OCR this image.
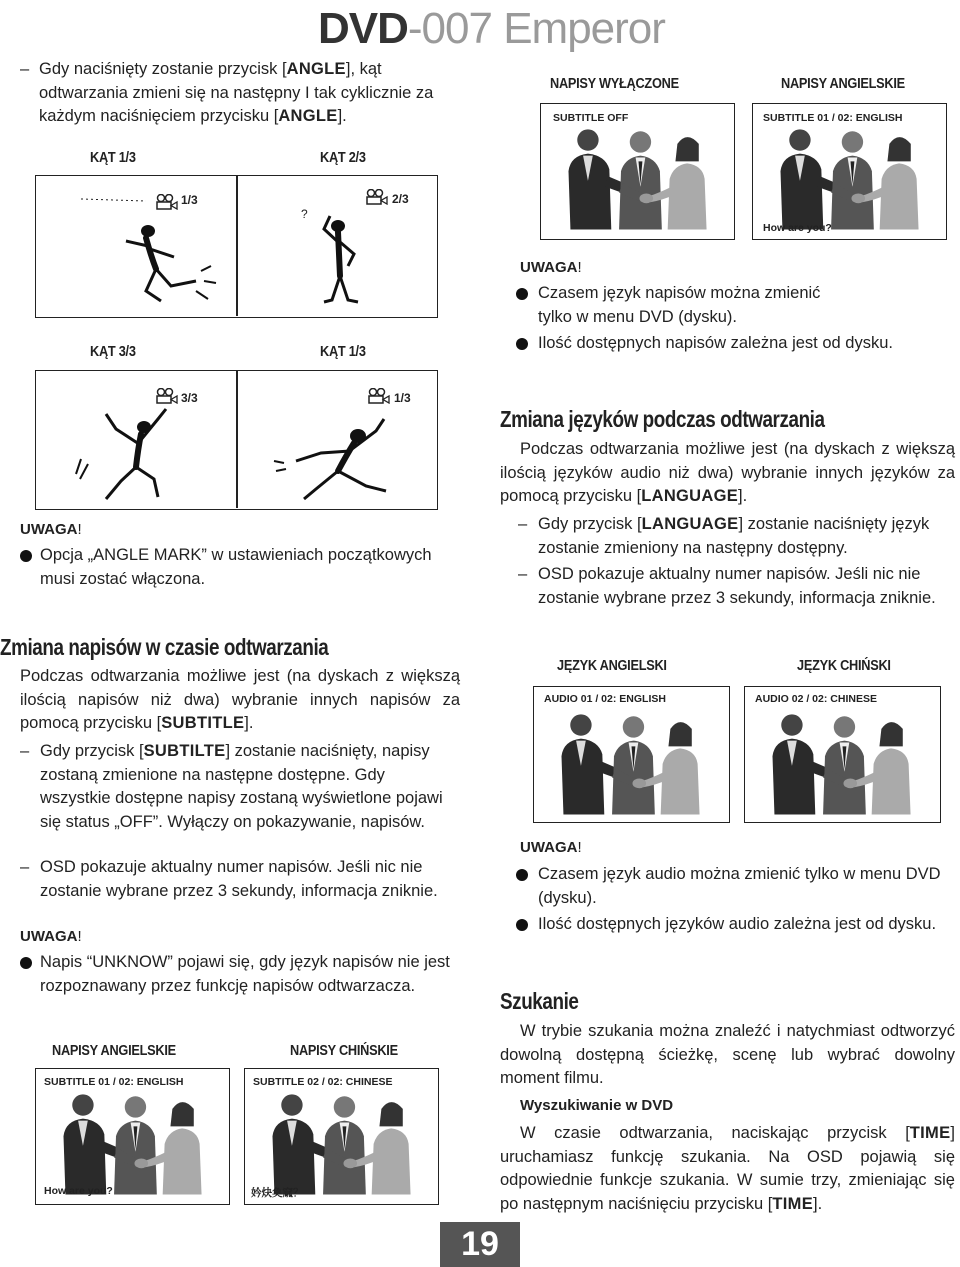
DVD-007 Emperor
– Gdy naciśnięty zostanie przycisk [ANGLE], kąt odtwarzania zmieni się na następny I tak cyklicznie za każdym naciśnięciem przycisku [ANGLE].
KĄT 1/3	KĄT 2/3
KĄT 3/3	KĄT 1/3
1/3	2/3
?
3/3	1/3
UWAGA!
Opcja „ANGLE MARK” w ustawieniach początkowych musi zostać włączona.
Zmiana napisów w czasie odtwarzania
Podczas odtwarzania możliwe jest (na dyskach z większą ilością napisów niż dwa) wybranie innych napisów za pomocą przycisku [SUBTITLE].
– Gdy przycisk [SUBTILTE] zostanie naciśnięty, napisy zostaną zmienione na następne dostępne. Gdy wszystkie dostępne napisy zostaną wyświetlone pojawi się status „OFF”. Wyłączy on pokazywanie, napisów.
– OSD pokazuje aktualny numer napisów. Jeśli nic nie zostanie wybrane przez 3 sekundy, informacja zniknie.
UWAGA!
Napis “UNKNOW” pojawi się, gdy język napisów nie jest rozpoznawany przez funkcję napisów odtwarzacza.
NAPISY ANGIELSKIE	NAPISY CHIŃSKIE
SUBTITLE 01 / 02: ENGLISH
How are you?
SUBTITLE 02 / 02: CHINESE
妗炔奐窳？
NAPISY WYŁĄCZONE	NAPISY ANGIELSKIE
SUBTITLE OFF	SUBTITLE 01 / 02: ENGLISH
How are you?
UWAGA!
Czasem język napisów można zmienić tylko w menu DVD (dysku).
Ilość dostępnych napisów zależna jest od dysku.
Zmiana języków podczas odtwarzania
Podczas odtwarzania możliwe jest (na dyskach z większą ilością języków audio niż dwa) wybranie innych języków za pomocą przycisku [LANGUAGE].
– Gdy przycisk [LANGUAGE] zostanie naciśnięty język zostanie zmieniony na następny dostępny.
– OSD pokazuje aktualny numer napisów. Jeśli nic nie zostanie wybrane przez 3 sekundy, informacja zniknie.
JĘZYK ANGIELSKI	JĘZYK CHIŃSKI
AUDIO 01 / 02: ENGLISH	AUDIO 02 / 02: CHINESE
UWAGA!
Czasem język audio można zmienić tylko w menu DVD (dysku).
Ilość dostępnych języków audio zależna jest od dysku.
Szukanie
W trybie szukania można znaleźć i natychmiast odtworzyć dowolną dostępną ścieżkę, scenę lub wybrać dowolny moment filmu.
Wyszukiwanie w DVD
W czasie odtwarzania, naciskając przycisk [TIME] uruchamiasz funkcję szukania. Na OSD pojawią się odpowiednie funkcje szukania. W sumie trzy, zmieniając się po następnym naciśnięciu przycisku [TIME].
19
